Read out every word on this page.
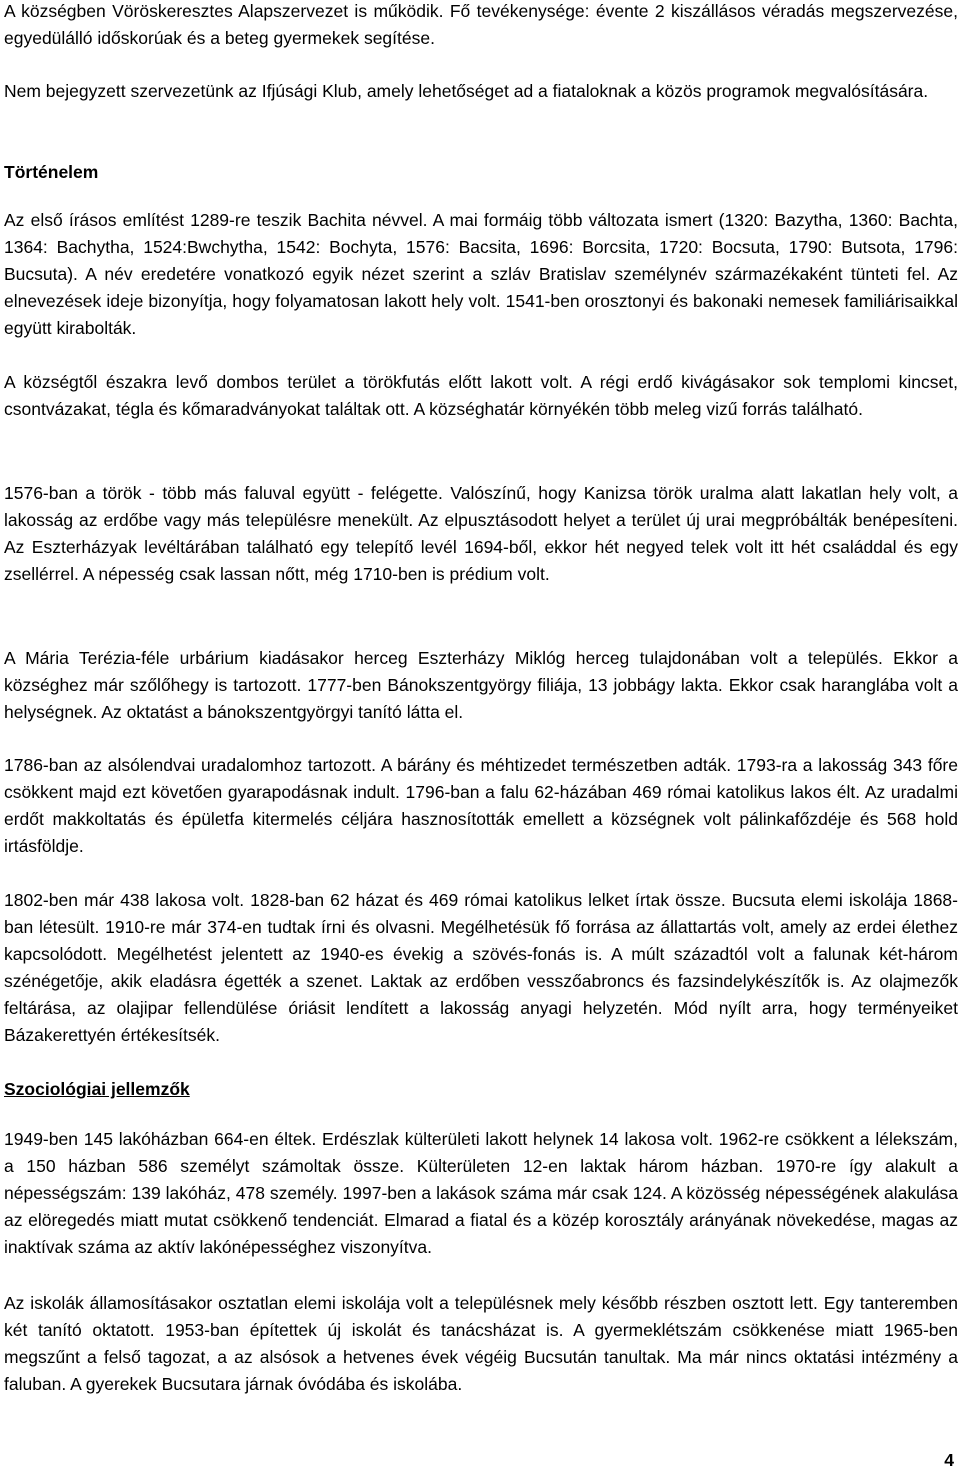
A községben Vöröskeresztes Alapszervezet is működik. Fő tevékenysége: évente 2 kiszállásos véradás megszervezése, egyedülálló időskorúak és a beteg gyermekek segítése.

Nem bejegyzett szervezetünk az Ifjúsági Klub, amely lehetőséget ad a fiataloknak a közös programok megvalósítására.

Történelem

Az első írásos említést 1289-re teszik Bachita névvel. A mai formáig több változata ismert (1320: Bazytha, 1360: Bachta, 1364: Bachytha, 1524:Bwchytha, 1542: Bochyta, 1576: Bacsita, 1696: Borcsita, 1720: Bocsuta, 1790: Butsota, 1796: Bucsuta). A név eredetére vonatkozó egyik nézet szerint a szláv Bratislav személynév származékaként tünteti fel. Az elnevezések ideje bizonyítja, hogy folyamatosan lakott hely volt. 1541-ben orosztonyi és bakonaki nemesek familiárisaikkal együtt kirabolták.

A községtől északra levő dombos terület a törökfutás előtt lakott volt. A régi erdő kivágásakor sok templomi kincset, csontvázakat, tégla és kőmaradványokat találtak ott. A községhatár környékén több meleg vizű forrás található.

1576-ban a török - több más faluval együtt - felégette. Valószínű, hogy Kanizsa török uralma alatt lakatlan hely volt, a lakosság az erdőbe vagy más településre menekült. Az elpusztásodott helyet a terület új urai megpróbálták benépesíteni. Az Eszterházyak levéltárában található egy telepítő levél 1694-ből, ekkor hét negyed telek volt itt hét családdal és egy zsellérrel. A népesség csak lassan nőtt, még 1710-ben is prédium volt.

A Mária Terézia-féle urbárium kiadásakor herceg Eszterházy Miklóg herceg tulajdonában volt a település. Ekkor a községhez már szőlőhegy is tartozott. 1777-ben Bánokszentgyörgy filiája, 13 jobbágy lakta. Ekkor csak haranglába volt a helységnek. Az oktatást a bánokszentgyörgyi tanító látta el.

1786-ban az alsólendvai uradalomhoz tartozott. A bárány és méhtizedet természetben adták. 1793-ra a lakosság 343 főre csökkent majd ezt követően gyarapodásnak indult. 1796-ban a falu 62-házában 469 római katolikus lakos élt. Az uradalmi erdőt makkoltatás és épületfa kitermelés céljára hasznosították emellett a községnek volt pálinkafőzdéje és 568 hold irtásföldje.

1802-ben már 438 lakosa volt. 1828-ban 62 házat és 469 római katolikus lelket írtak össze. Bucsuta elemi iskolája 1868-ban létesült. 1910-re már 374-en tudtak írni és olvasni. Megélhetésük fő forrása az állattartás volt, amely az erdei élethez kapcsolódott. Megélhetést jelentett az 1940-es évekig a szövés-fonás is. A múlt századtól volt a falunak két-három szénégetője, akik eladásra égették a szenet. Laktak az erdőben vesszőabroncs és fazsindelykészítők is. Az olajmezők feltárása, az olajipar fellendülése óriásit lendített a lakosság anyagi helyzetén. Mód nyílt arra, hogy terményeiket Bázakerettyén értékesítsék.

Szociológiai jellemzők

1949-ben 145 lakóházban 664-en éltek. Erdészlak külterületi lakott helynek 14 lakosa volt. 1962-re csökkent a lélekszám, a 150 házban 586 személyt számoltak össze. Külterületen 12-en laktak három házban. 1970-re így alakult a népességszám: 139 lakóház, 478 személy. 1997-ben a lakások száma már csak 124. A közösség népességének alakulása az elöregedés miatt mutat csökkenő tendenciát. Elmarad a fiatal és a közép korosztály arányának növekedése, magas az inaktívak száma az aktív lakónépességhez viszonyítva.

Az iskolák államosításakor osztatlan elemi iskolája volt a településnek mely később részben osztott lett. Egy tanteremben két tanító oktatott. 1953-ban építettek új iskolát és tanácsházat is. A gyermeklétszám csökkenése miatt 1965-ben megszűnt a felső tagozat, a az alsósok a hetvenes évek végéig Bucsután tanultak. Ma már nincs oktatási intézmény a faluban. A gyerekek Bucsutara járnak óvódába és iskolába.

4
